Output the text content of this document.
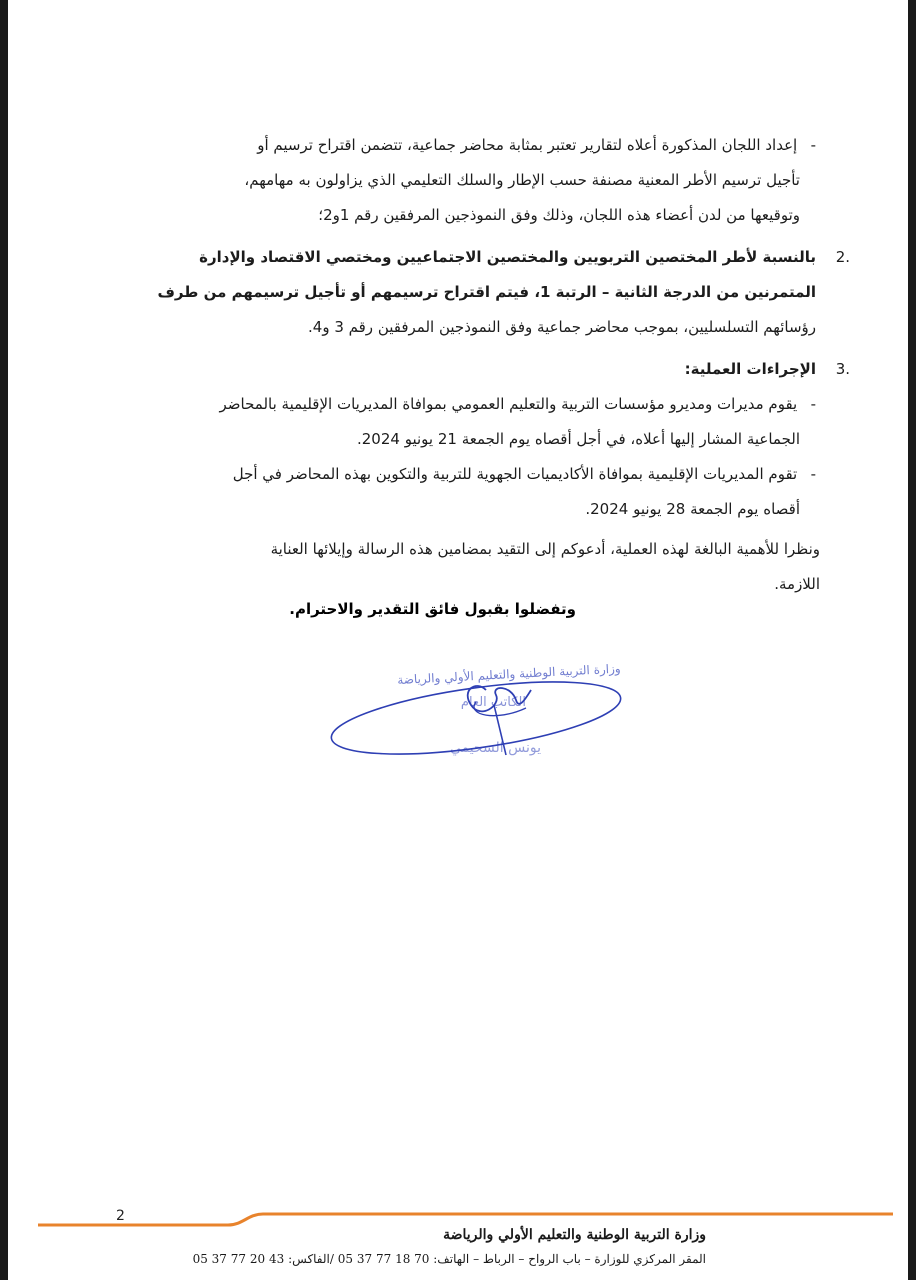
- إعداد اللجان المذكورة أعلاه لتقارير تعتبر بمثابة محاضر جماعية، تتضمن اقتراح ترسيم أو
تأجيل ترسيم الأطر المعنية مصنفة حسب الإطار والسلك التعليمي الذي يزاولون به مهامهم،
وتوقيعها من لدن أعضاء هذه اللجان، وذلك وفق النموذجين المرفقين رقم 1و2؛
2.
بالنسبة لأطر المختصين التربويين والمختصين الاجتماعيين ومختصي الاقتصاد والإدارة
المتمرنين من الدرجة الثانية – الرتبة 1، فيتم اقتراح ترسيمهم أو تأجيل ترسيمهم من طرف
رؤسائهم التسلسليين، بموجب محاضر جماعية وفق النموذجين المرفقين رقم 3 و4.
3.
الإجراءات العملية:
- يقوم مديرات ومديرو مؤسسات التربية والتعليم العمومي بموافاة المديريات الإقليمية بالمحاضر
الجماعية المشار إليها أعلاه، في أجل أقصاه يوم الجمعة 21 يونيو 2024.
- تقوم المديريات الإقليمية بموافاة الأكاديميات الجهوية للتربية والتكوين بهذه المحاضر في أجل
أقصاه يوم الجمعة 28 يونيو 2024.
ونظرا للأهمية البالغة لهذه العملية، أدعوكم إلى التقيد بمضامين هذه الرسالة وإيلائها العناية
اللازمة.
وتفضلوا بقبول فائق التقدير والاحترام.
وزارة التربية الوطنية والتعليم الأولي والرياضة
الكاتب العام
يونس السحيمي
2
وزارة التربية الوطنية والتعليم الأولي والرياضة
المقر المركزي للوزارة – باب الرواح – الرباط – الهاتف: 70 18 77 37 05 /الفاكس: 43 20 77 37 05
